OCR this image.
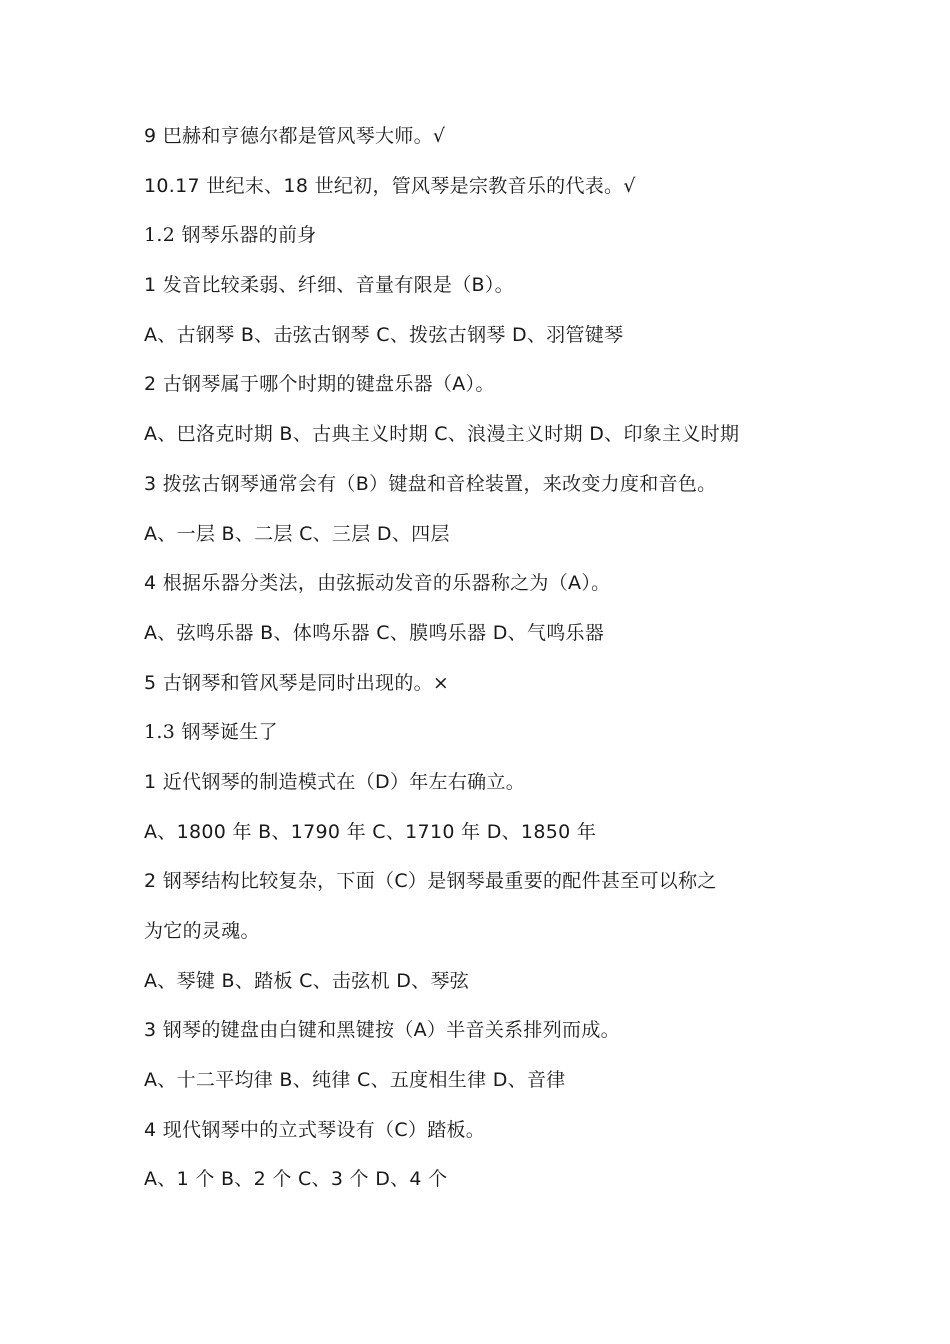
9 巴赫和亨德尔都是管风琴大师。√
10.17 世纪末、18 世纪初，管风琴是宗教音乐的代表。√
1.2 钢琴乐器的前身
1 发音比较柔弱、纤细、音量有限是（B）。
A、古钢琴 B、击弦古钢琴 C、拨弦古钢琴 D、羽管键琴
2 古钢琴属于哪个时期的键盘乐器（A）。
A、巴洛克时期 B、古典主义时期 C、浪漫主义时期 D、印象主义时期
3 拨弦古钢琴通常会有（B）键盘和音栓装置，来改变力度和音色。
A、一层 B、二层 C、三层 D、四层
4 根据乐器分类法，由弦振动发音的乐器称之为（A）。
A、弦鸣乐器 B、体鸣乐器 C、膜鸣乐器 D、气鸣乐器
5 古钢琴和管风琴是同时出现的。×
1.3 钢琴诞生了
1 近代钢琴的制造模式在（D）年左右确立。
A、1800 年 B、1790 年 C、1710 年 D、1850 年
2 钢琴结构比较复杂，下面（C）是钢琴最重要的配件甚至可以称之
为它的灵魂。
A、琴键 B、踏板 C、击弦机 D、琴弦
3 钢琴的键盘由白键和黑键按（A）半音关系排列而成。
A、十二平均律 B、纯律 C、五度相生律 D、音律
4 现代钢琴中的立式琴设有（C）踏板。
A、1 个 B、2 个 C、3 个 D、4 个
